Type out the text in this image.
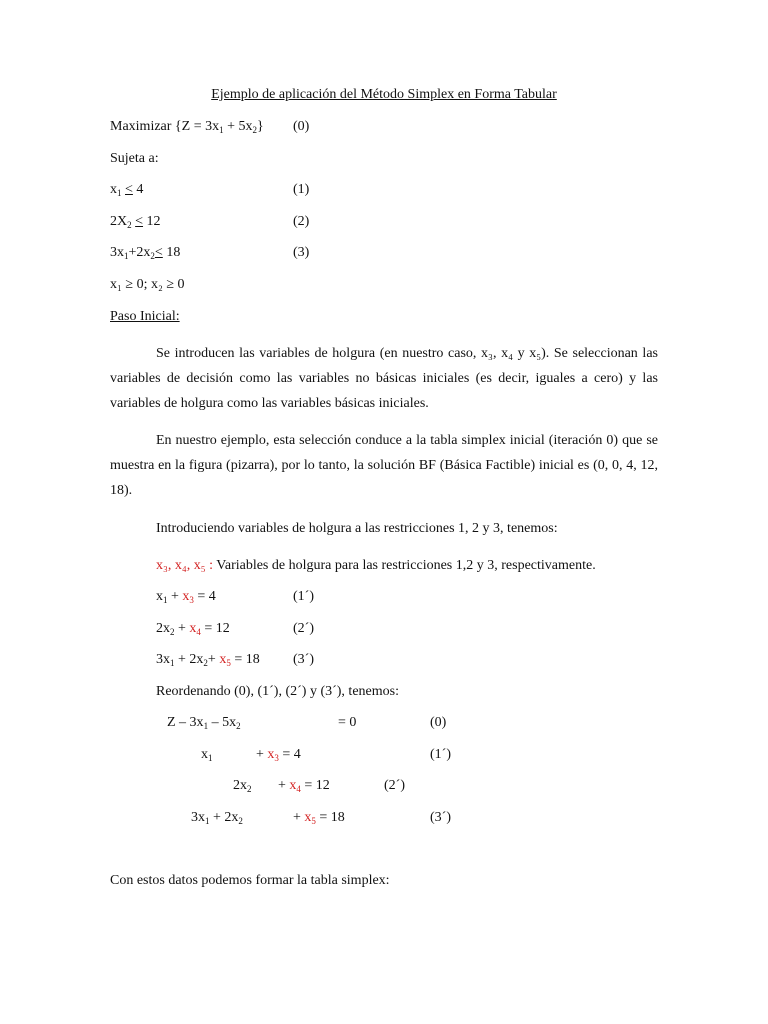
Ejemplo de aplicación del Método Simplex en Forma Tabular
Maximizar $\{Z = 3x_1 + 5x_2\}$ (0)
Sujeta a:
$x_1 < 4$	(1)
$2X_2 < 12$	(2)
$3x_1+2x_2< 18$	(3)
x₁ ≥ 0; x₂ ≥ 0
Paso Inicial:
Se introducen las variables de holgura (en nuestro caso, x₃, x₄ y x₅). Se seleccionan las variables de decisión como las variables no básicas iniciales (es decir, iguales a cero) y las variables de holgura como las variables básicas iniciales.
En nuestro ejemplo, esta selección conduce a la tabla simplex inicial (iteración 0) que se muestra en la figura (pizarra), por lo tanto, la solución BF (Básica Factible) inicial es (0, 0, 4, 12, 18).
Introduciendo variables de holgura a las restricciones 1, 2 y 3, tenemos:
x₃, x₄, x₅ : Variables de holgura para las restricciones 1,2 y 3, respectivamente.
$x_1 + x_3 = 4$	(1´)
$2x_2 + x_4 = 12$	(2´)
$3x_1 + 2x_2+ x_5 = 18$ (3´)
Reordenando (0), (1´), (2´) y (3´), tenemos:
Z – $3x_1 - 5x_2$	= 0	(0)
$x_1$	+ $x_3 = 4$	(1´)
$2x_2 + x_4 = 12$	(2´)
$3x_1 + 2x_2$	+ $x_5 = 18$	(3´)
Con estos datos podemos formar la tabla simplex:
